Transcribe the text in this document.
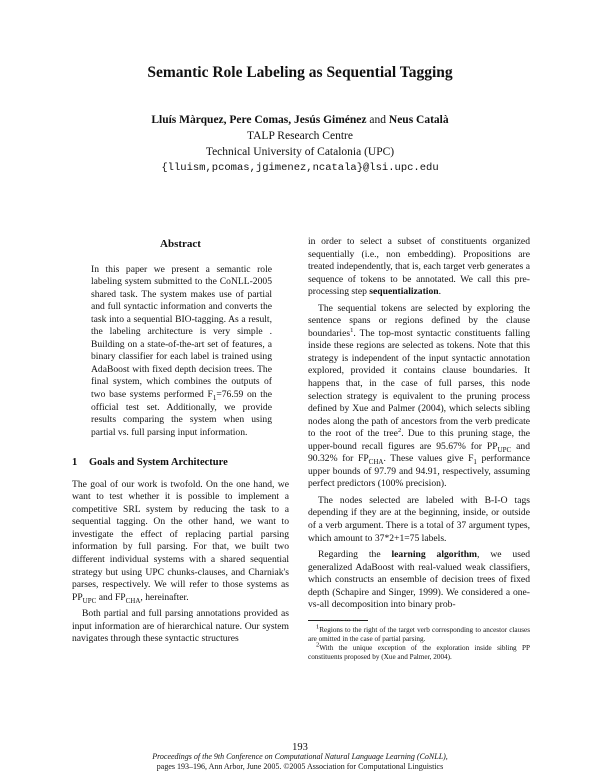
Semantic Role Labeling as Sequential Tagging
Lluís Màrquez, Pere Comas, Jesús Giménez and Neus Català
TALP Research Centre
Technical University of Catalonia (UPC)
{lluism,pcomas,jgimenez,ncatala}@lsi.upc.edu
Abstract
In this paper we present a semantic role labeling system submitted to the CoNLL-2005 shared task. The system makes use of partial and full syntactic information and converts the task into a sequential BIO-tagging. As a result, the labeling architecture is very simple . Building on a state-of-the-art set of features, a binary classifier for each label is trained using AdaBoost with fixed depth decision trees. The final system, which combines the outputs of two base systems performed $F_1=76.59$ on the official test set. Additionally, we provide results comparing the system when using partial vs. full parsing input information.
1 Goals and System Architecture

The goal of our work is twofold. On the one hand, we want to test whether it is possible to implement a competitive SRL system by reducing the task to a sequential tagging. On the other hand, we want to investigate the effect of replacing partial parsing information by full parsing. For that, we built two different individual systems with a shared sequential strategy but using UPC chunks-clauses, and Charniak's parses, respectively. We will refer to those systems as $PP_{UPC}$ and $FP_{CHA}$, hereinafter.

Both partial and full parsing annotations provided as input information are of hierarchical nature. Our system navigates through these syntactic structures

in order to select a subset of constituents organized sequentially (i.e., non embedding). Propositions are treated independently, that is, each target verb generates a sequence of tokens to be annotated. We call this pre-processing step sequentialization.

The sequential tokens are selected by exploring the sentence spans or regions defined by the clause boundaries$^1$. The top-most syntactic constituents falling inside these regions are selected as tokens. Note that this strategy is independent of the input syntactic annotation explored, provided it contains clause boundaries. It happens that, in the case of full parses, this node selection strategy is equivalent to the pruning process defined by Xue and Palmer (2004), which selects sibling nodes along the path of ancestors from the verb predicate to the root of the tree$^2$. Due to this pruning stage, the upper-bound recall figures are 95.67% for $PP_{UPC}$ and 90.32% for $FP_{CHA}$. These values give $F_1$ performance upper bounds of 97.79 and 94.91, respectively, assuming perfect predictors (100% precision).

The nodes selected are labeled with B-I-O tags depending if they are at the beginning, inside, or outside of a verb argument. There is a total of 37 argument types, which amount to 37*2+1=75 labels.

Regarding the learning algorithm, we used generalized AdaBoost with real-valued weak classifiers, which constructs an ensemble of decision trees of fixed depth (Schapire and Singer, 1999). We considered a one-vs-all decomposition into binary prob-

$^1$Regions to the right of the target verb corresponding to ancestor clauses are omitted in the case of partial parsing.
$^2$With the unique exception of the exploration inside sibling PP constituents proposed by (Xue and Palmer, 2004).
193
Proceedings of the 9th Conference on Computational Natural Language Learning (CoNLL),
pages 193–196, Ann Arbor, June 2005. ©2005 Association for Computational Linguistics
